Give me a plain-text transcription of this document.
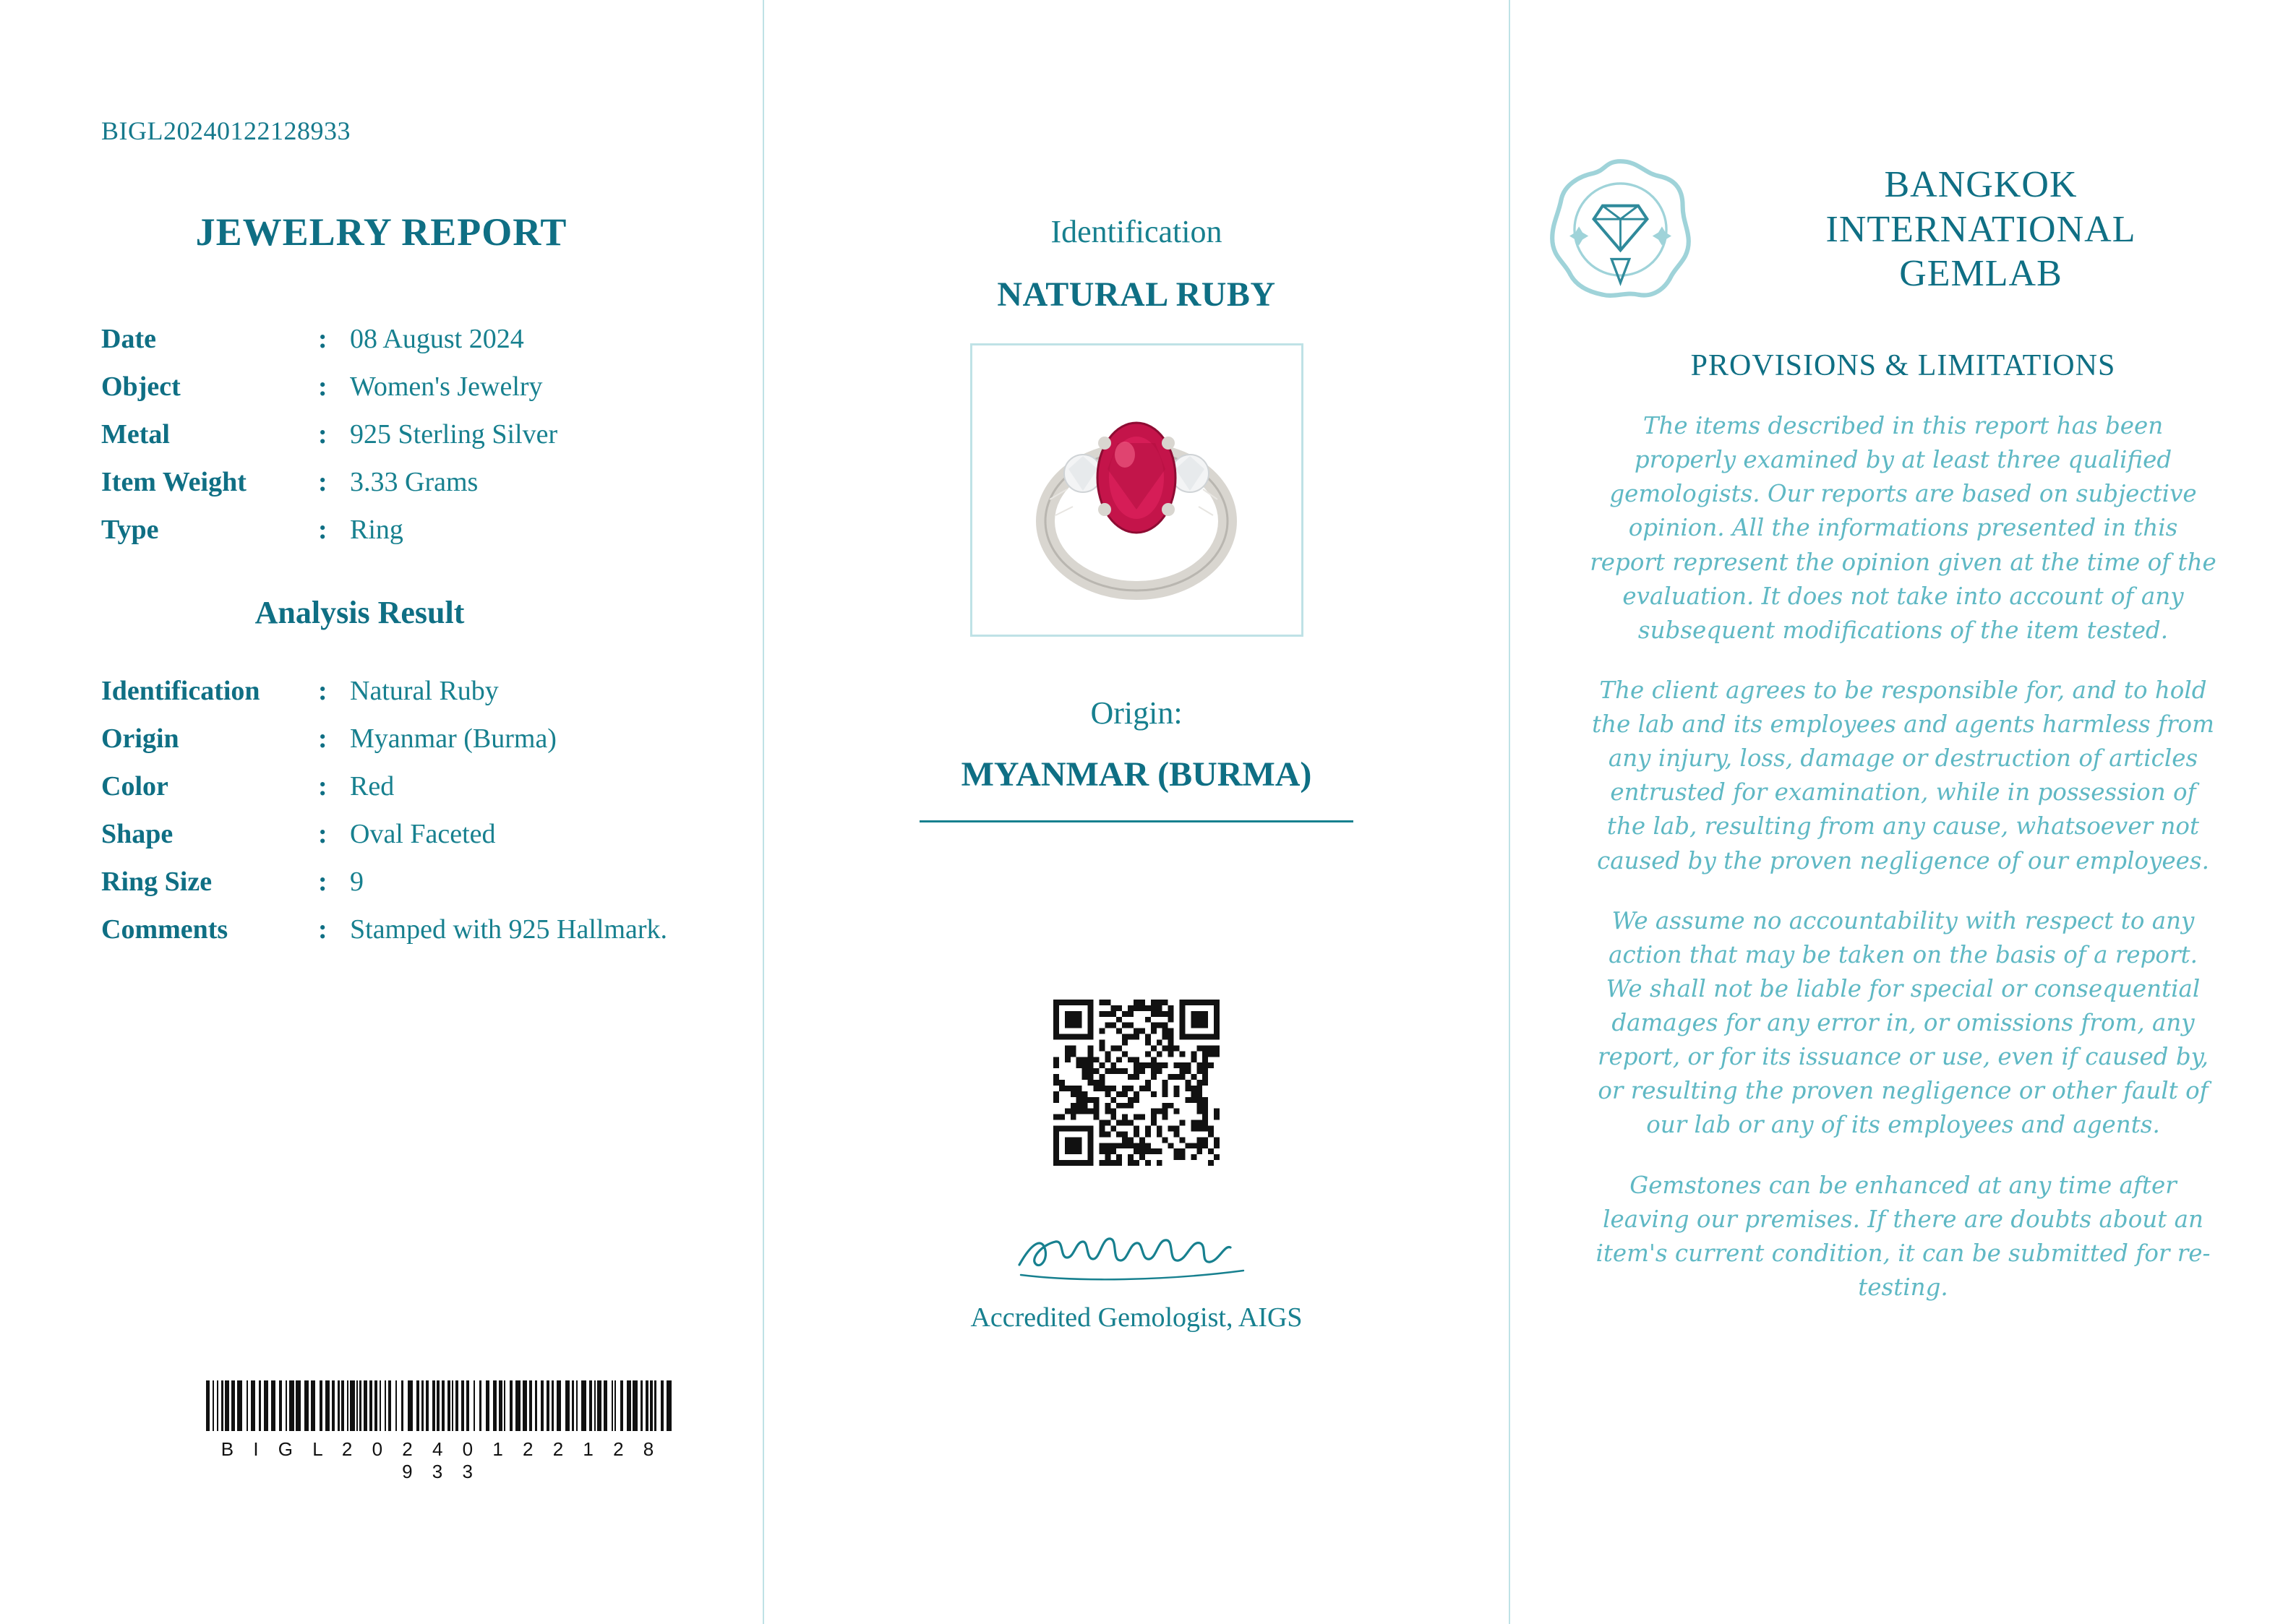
BIGL20240122128933
JEWELRY REPORT
Date	:	08 August 2024
Object	:	Women's Jewelry
Metal	:	925 Sterling Silver
Item Weight	:	3.33 Grams
Type	:	Ring
Analysis Result
Identification	:	Natural Ruby
Origin	:	Myanmar (Burma)
Color	:	Red
Shape	:	Oval Faceted
Ring Size	:	9
Comments	:	Stamped with 925 Hallmark.
B I G L 2 0 2 4 0 1 2 2 1 2 8 9 3 3
Identification
NATURAL RUBY
Origin:
MYANMAR (BURMA)
Accredited Gemologist, AIGS
BANGKOK
INTERNATIONAL
GEMLAB
PROVISIONS & LIMITATIONS

The items described in this report has been properly examined by at least three qualified gemologists. Our reports are based on subjective opinion. All the informations presented in this report represent the opinion given at the time of the evaluation. It does not take into account of any subsequent modifications of the item tested.

The client agrees to be responsible for, and to hold the lab and its employees and agents harmless from any injury, loss, damage or destruction of articles entrusted for examination, while in possession of the lab, resulting from any cause, whatsoever not caused by the proven negligence of our employees.

We assume no accountability with respect to any action that may be taken on the basis of a report. We shall not be liable for special or consequential damages for any error in, or omissions from, any report, or for its issuance or use, even if caused by, or resulting the proven negligence or other fault of our lab or any of its employees and agents.

Gemstones can be enhanced at any time after leaving our premises. If there are doubts about an item's current condition, it can be submitted for re-testing.
